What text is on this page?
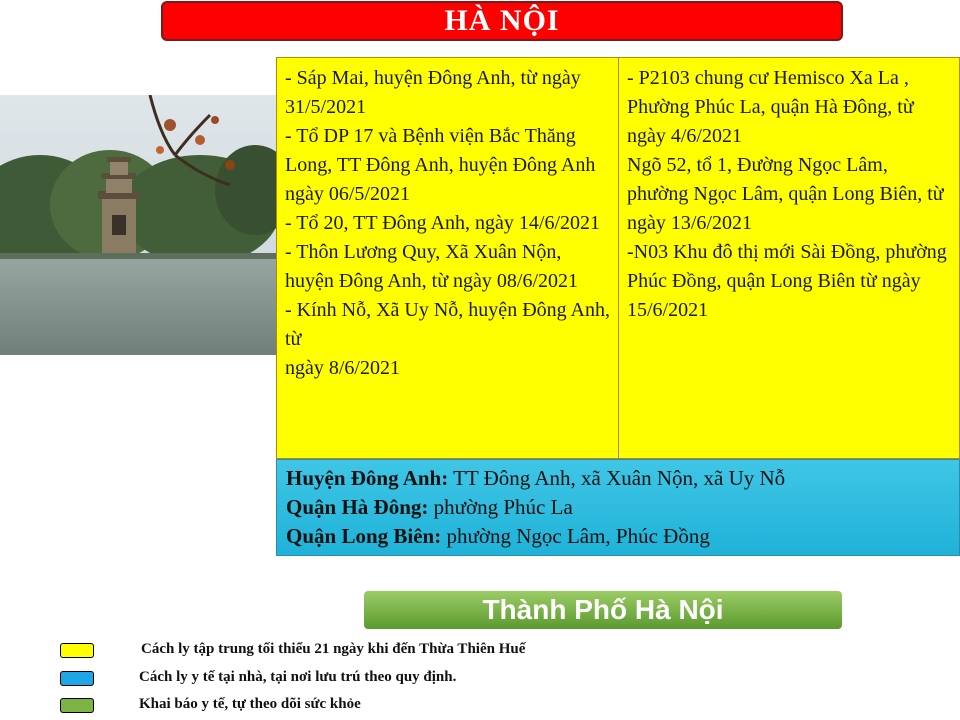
HÀ NỘI

- Sáp Mai, huyện Đông Anh, từ ngày 31/5/2021

- Tổ DP 17 và Bệnh viện Bắc Thăng Long, TT Đông Anh, huyện Đông Anh ngày 06/5/2021

- Tổ 20, TT Đông Anh, ngày 14/6/2021

- Thôn Lương Quy, Xã Xuân Nộn, huyện Đông Anh, từ ngày 08/6/2021

- Kính Nỗ, Xã Uy Nỗ, huyện Đông Anh, từ

ngày 8/6/2021

- P2103 chung cư Hemisco Xa La , Phường Phúc La, quận Hà Đông, từ ngày 4/6/2021

Ngõ 52, tổ 1, Đường Ngọc Lâm, phường Ngọc Lâm, quận Long Biên, từ ngày 13/6/2021

-N03 Khu đô thị mới Sài Đồng, phường Phúc Đồng, quận Long Biên từ ngày 15/6/2021

Huyện Đông Anh: TT Đông Anh, xã Xuân Nộn, xã Uy Nỗ

Quận Hà Đông: phường Phúc La

Quận Long Biên: phường Ngọc Lâm, Phúc Đồng

Thành Phố Hà Nội
Cách ly tập trung tối thiểu 21 ngày khi đến Thừa Thiên Huế
Cách ly y tế tại nhà, tại nơi lưu trú theo quy định.
Khai báo y tế, tự theo dõi sức khỏe
